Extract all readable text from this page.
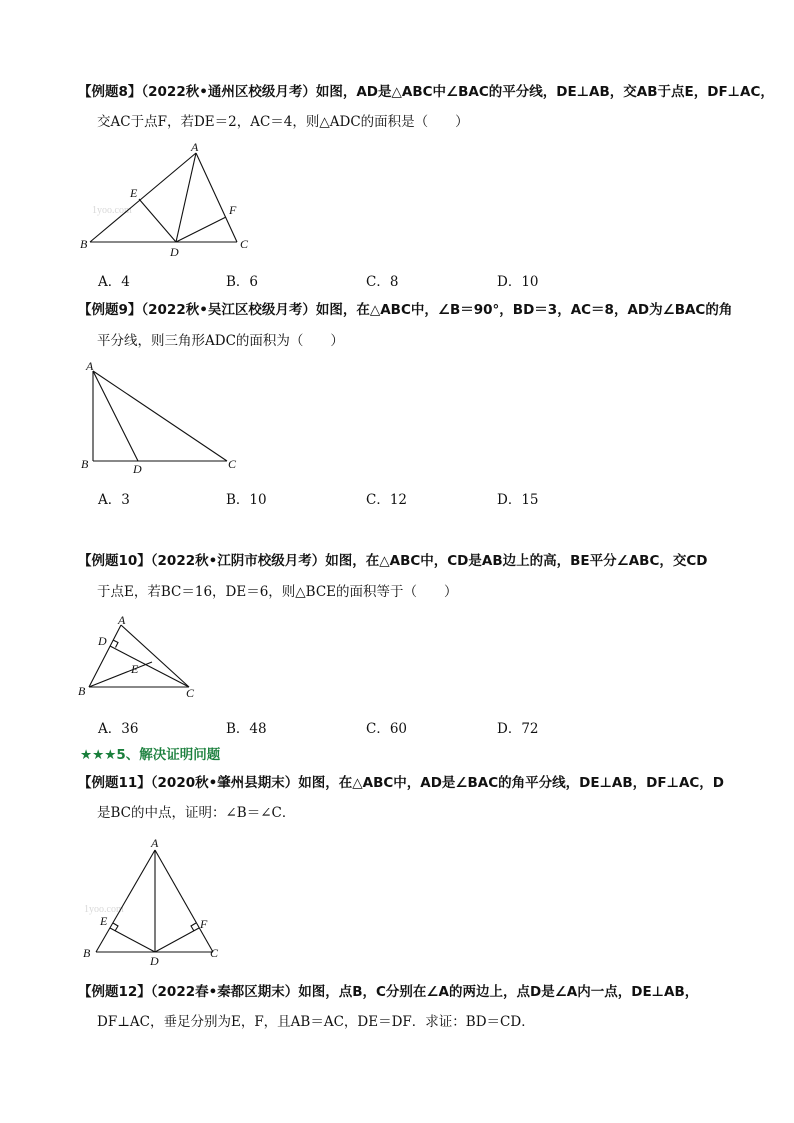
【例题8】（2022秋•通州区校级月考）如图，AD是△ABC中∠BAC的平分线，DE⊥AB，交AB于点E，DF⊥AC，
交AC于点F，若DE＝2，AC＝4，则△ADC的面积是（　　）
1yoo.com
A
E
F
B
D
C
A．4	B．6	C．8	D．10
【例题9】（2022秋•吴江区校级月考）如图，在△ABC中，∠B＝90°，BD＝3，AC＝8，AD为∠BAC的角
平分线，则三角形ADC的面积为（　　）
A
B	D	C
A．3	B．10	C．12	D．15
【例题10】（2022秋•江阴市校级月考）如图，在△ABC中，CD是AB边上的高，BE平分∠ABC，交CD
于点E，若BC＝16，DE＝6，则△BCE的面积等于（　　）
A
D
E
B	C
A．36	B．48	C．60	D．72
★★★5、解决证明问题
【例题11】（2020秋•肇州县期末）如图，在△ABC中，AD是∠BAC的角平分线，DE⊥AB，DF⊥AC，D
是BC的中点，证明：∠B＝∠C．
1yoo.com
A
E	F
B
D
C
【例题12】（2022春•秦都区期末）如图，点B，C分别在∠A的两边上，点D是∠A内一点，DE⊥AB，
DF⊥AC，垂足分别为E，F，且AB＝AC，DE＝DF．求证：BD＝CD．
